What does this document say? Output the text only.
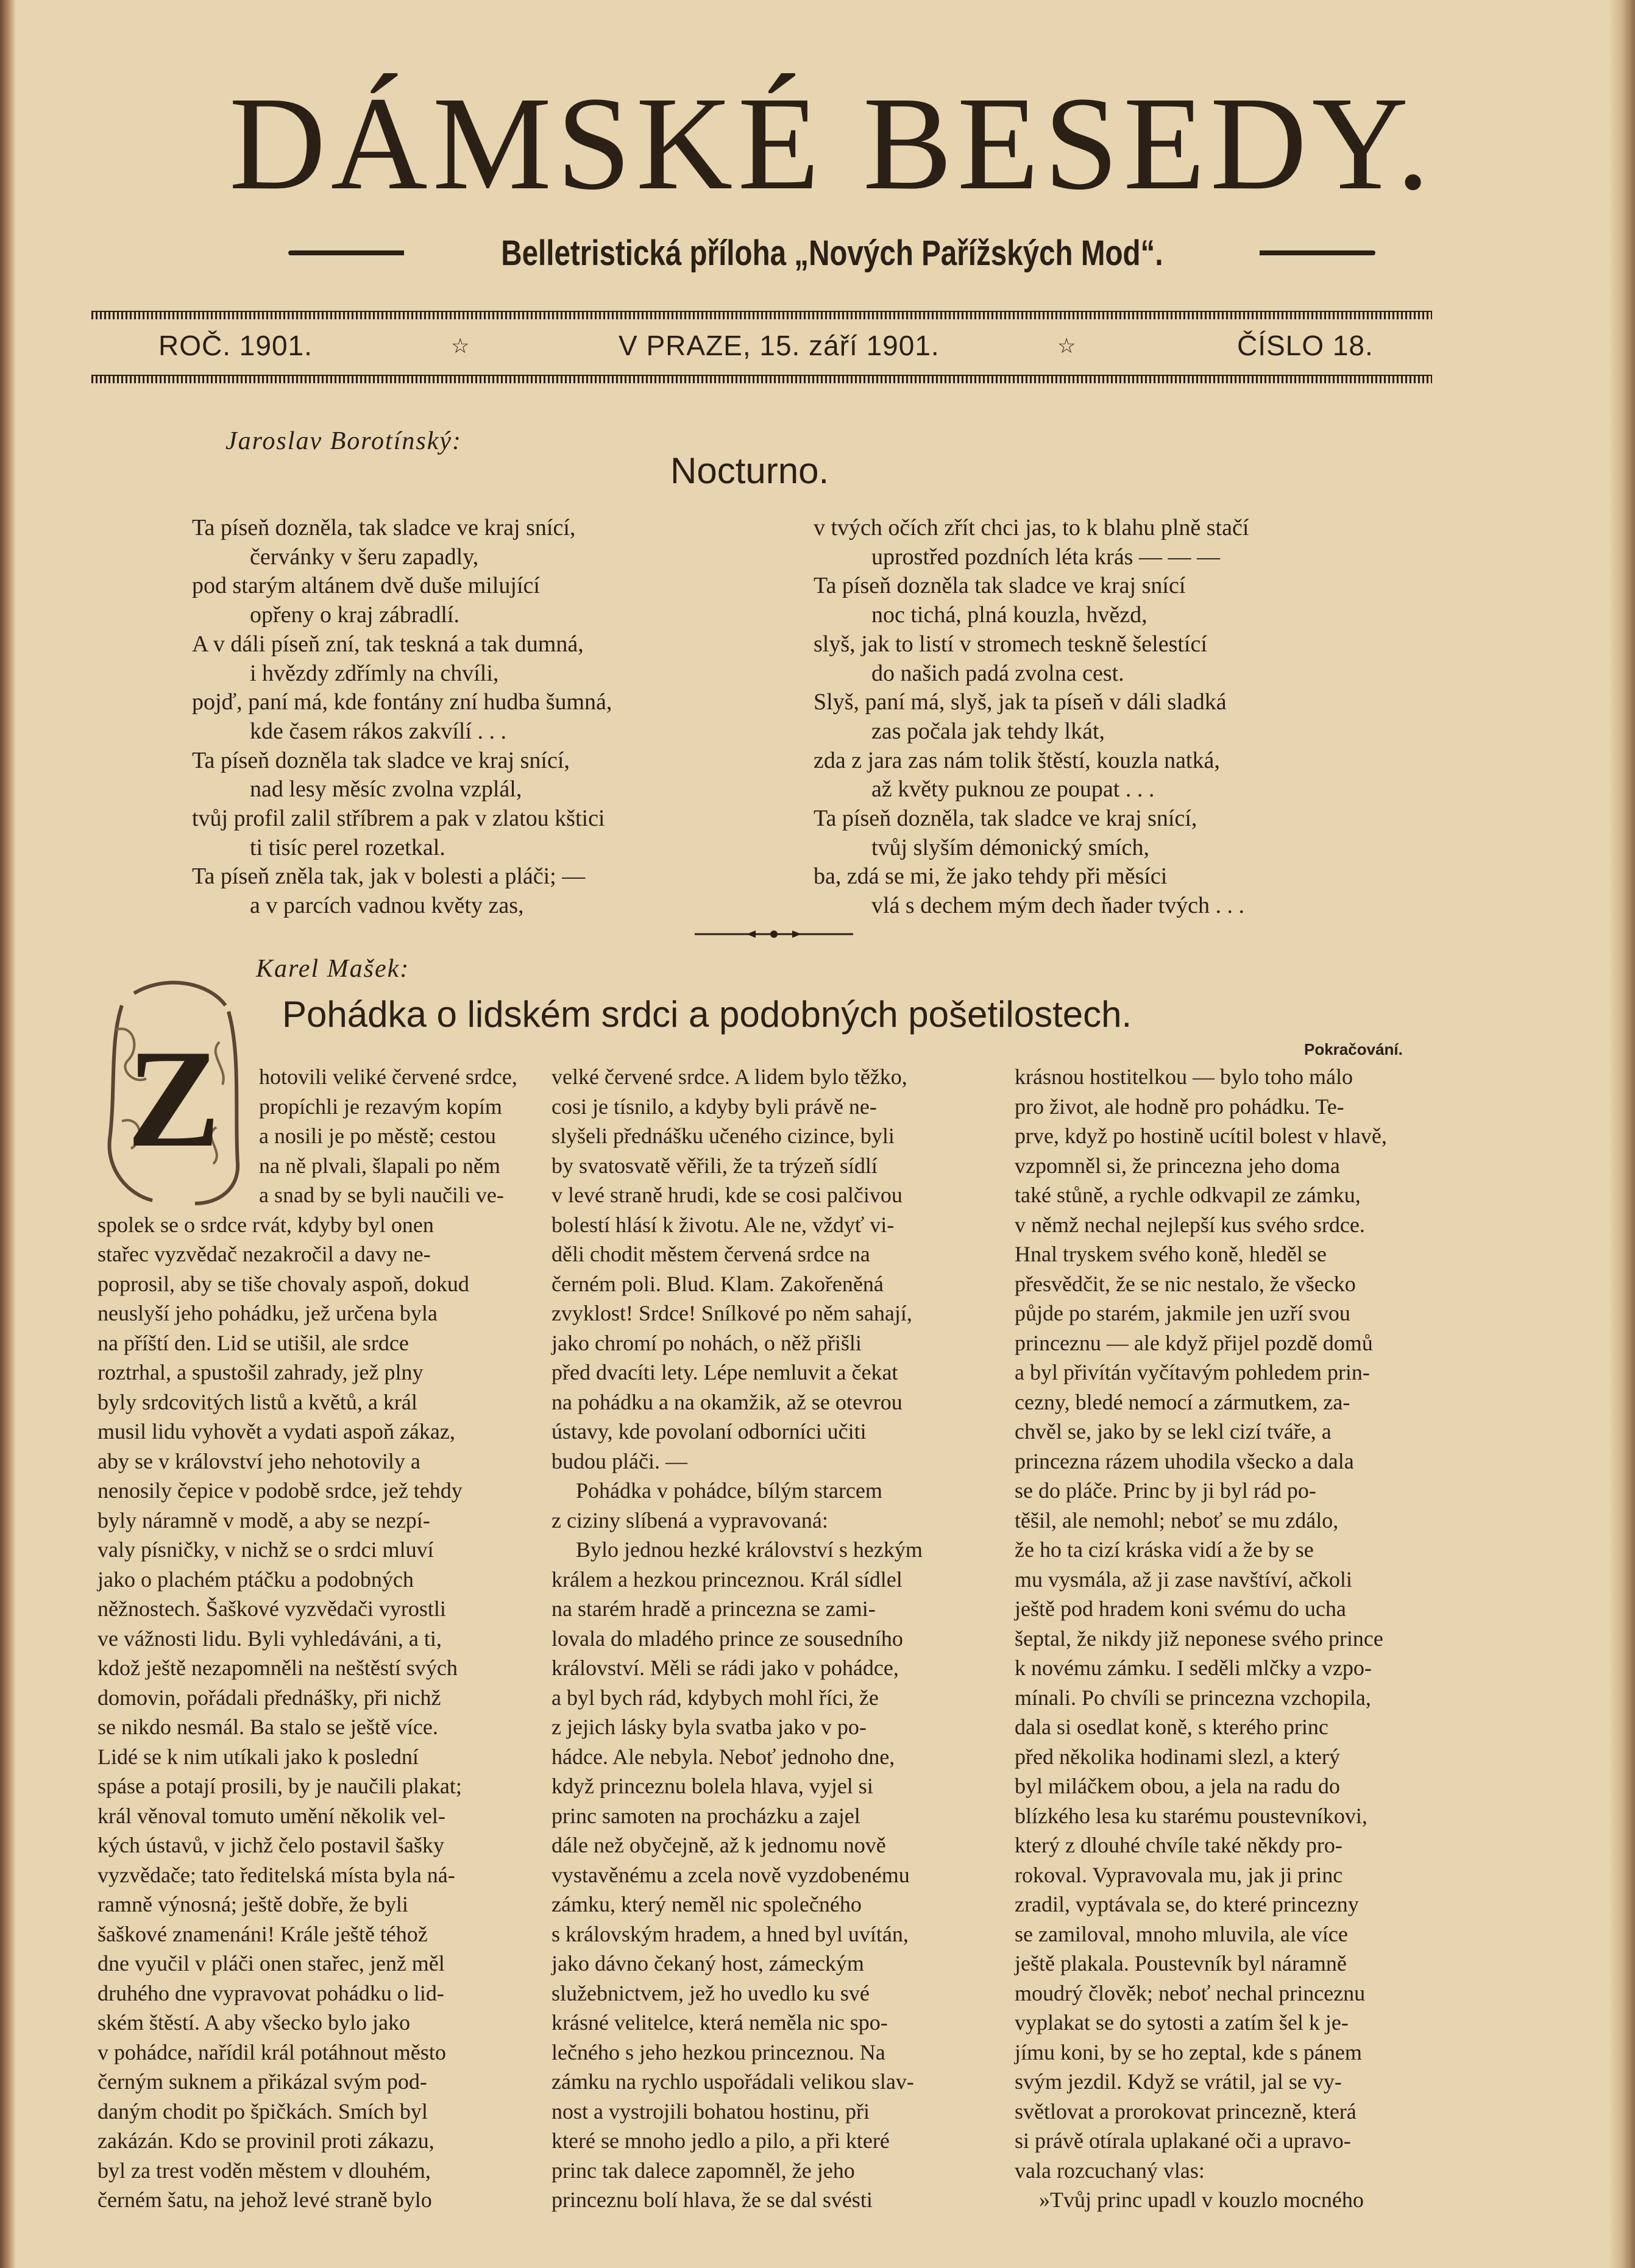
DÁMSKÉ BESEDY.
Belletristická příloha „Nových Pařížských Mod“.
ROČ. 1901.	☆	V PRAZE, 15. září 1901.	☆	ČÍSLO 18.
Jaroslav Borotínský:
Nocturno.
Ta píseň dozněla, tak sladce ve kraj snící,
červánky v šeru zapadly,
pod starým altánem dvě duše milující
opřeny o kraj zábradlí.
A v dáli píseň zní, tak teskná a tak dumná,
i hvězdy zdřímly na chvíli,
pojď, paní má, kde fontány zní hudba šumná,
kde časem rákos zakvílí . . .
Ta píseň dozněla tak sladce ve kraj snící,
nad lesy měsíc zvolna vzplál,
tvůj profil zalil stříbrem a pak v zlatou kštici
ti tisíc perel rozetkal.
Ta píseň zněla tak, jak v bolesti a pláči; —
a v parcích vadnou květy zas,
v tvých očích zřít chci jas, to k blahu plně stačí
uprostřed pozdních léta krás — — —
Ta píseň dozněla tak sladce ve kraj snící
noc tichá, plná kouzla, hvězd,
slyš, jak to listí v stromech teskně šelestící
do našich padá zvolna cest.
Slyš, paní má, slyš, jak ta píseň v dáli sladká
zas počala jak tehdy lkát,
zda z jara zas nám tolik štěstí, kouzla natká,
až květy puknou ze poupat . . .
Ta píseň dozněla, tak sladce ve kraj snící,
tvůj slyším démonický smích,
ba, zdá se mi, že jako tehdy při měsíci
vlá s dechem mým dech ňader tvých . . .
Z
Karel Mašek:
Pohádka o lidském srdci a podobných pošetilostech.
Pokračování.
hotovili veliké červené srdce,
propíchli je rezavým kopím
a nosili je po městě; cestou
na ně plvali, šlapali po něm
a snad by se byli naučili ve-
spolek se o srdce rvát, kdyby byl onen
stařec vyzvědač nezakročil a davy ne-
poprosil, aby se tiše chovaly aspoň, dokud
neuslyší jeho pohádku, jež určena byla
na příští den. Lid se utišil, ale srdce
roztrhal, a spustošil zahrady, jež plny
byly srdcovitých listů a květů, a král
musil lidu vyhovět a vydati aspoň zákaz,
aby se v království jeho nehotovily a
nenosily čepice v podobě srdce, jež tehdy
byly náramně v modě, a aby se nezpí-
valy písničky, v nichž se o srdci mluví
jako o plachém ptáčku a podobných
něžnostech. Šaškové vyzvědači vyrostli
ve vážnosti lidu. Byli vyhledáváni, a ti,
kdož ještě nezapomněli na neštěstí svých
domovin, pořádali přednášky, při nichž
se nikdo nesmál. Ba stalo se ještě více.
Lidé se k nim utíkali jako k poslední
spáse a potají prosili, by je naučili plakat;
král věnoval tomuto umění několik vel-
kých ústavů, v jichž čelo postavil šašky
vyzvědače; tato ředitelská místa byla ná-
ramně výnosná; ještě dobře, že byli
šaškové znamenáni! Krále ještě téhož
dne vyučil v pláči onen stařec, jenž měl
druhého dne vypravovat pohádku o lid-
ském štěstí. A aby všecko bylo jako
v pohádce, nařídil král potáhnout město
černým suknem a přikázal svým pod-
daným chodit po špičkách. Smích byl
zakázán. Kdo se provinil proti zákazu,
byl za trest voděn městem v dlouhém,
černém šatu, na jehož levé straně bylo
velké červené srdce. A lidem bylo těžko,
cosi je tísnilo, a kdyby byli právě ne-
slyšeli přednášku učeného cizince, byli
by svatosvatě věřili, že ta trýzeň sídlí
v levé straně hrudi, kde se cosi palčivou
bolestí hlásí k životu. Ale ne, vždyť vi-
děli chodit městem červená srdce na
černém poli. Blud. Klam. Zakořeněná
zvyklost! Srdce! Snílkové po něm sahají,
jako chromí po nohách, o něž přišli
před dvacíti lety. Lépe nemluvit a čekat
na pohádku a na okamžik, až se otevrou
ústavy, kde povolaní odborníci učiti
budou pláči. —
Pohádka v pohádce, bílým starcem
z ciziny slíbená a vypravovaná:
Bylo jednou hezké království s hezkým
králem a hezkou princeznou. Král sídlel
na starém hradě a princezna se zami-
lovala do mladého prince ze sousedního
království. Měli se rádi jako v pohádce,
a byl bych rád, kdybych mohl říci, že
z jejich lásky byla svatba jako v po-
hádce. Ale nebyla. Neboť jednoho dne,
když princeznu bolela hlava, vyjel si
princ samoten na procházku a zajel
dále než obyčejně, až k jednomu nově
vystavěnému a zcela nově vyzdobenému
zámku, který neměl nic společného
s královským hradem, a hned byl uvítán,
jako dávno čekaný host, zámeckým
služebnictvem, jež ho uvedlo ku své
krásné velitelce, která neměla nic spo-
lečného s jeho hezkou princeznou. Na
zámku na rychlo uspořádali velikou slav-
nost a vystrojili bohatou hostinu, při
které se mnoho jedlo a pilo, a při které
princ tak dalece zapomněl, že jeho
princeznu bolí hlava, že se dal svésti
krásnou hostitelkou — bylo toho málo
pro život, ale hodně pro pohádku. Te-
prve, když po hostině ucítil bolest v hlavě,
vzpomněl si, že princezna jeho doma
také stůně, a rychle odkvapil ze zámku,
v němž nechal nejlepší kus svého srdce.
Hnal tryskem svého koně, hleděl se
přesvědčit, že se nic nestalo, že všecko
půjde po starém, jakmile jen uzří svou
princeznu — ale když přijel pozdě domů
a byl přivítán vyčítavým pohledem prin-
cezny, bledé nemocí a zármutkem, za-
chvěl se, jako by se lekl cizí tváře, a
princezna rázem uhodila všecko a dala
se do pláče. Princ by ji byl rád po-
těšil, ale nemohl; neboť se mu zdálo,
že ho ta cizí kráska vidí a že by se
mu vysmála, až ji zase navštíví, ačkoli
ještě pod hradem koni svému do ucha
šeptal, že nikdy již neponese svého prince
k novému zámku. I seděli mlčky a vzpo-
mínali. Po chvíli se princezna vzchopila,
dala si osedlat koně, s kterého princ
před několika hodinami slezl, a který
byl miláčkem obou, a jela na radu do
blízkého lesa ku starému poustevníkovi,
který z dlouhé chvíle také někdy pro-
rokoval. Vypravovala mu, jak ji princ
zradil, vyptávala se, do které princezny
se zamiloval, mnoho mluvila, ale více
ještě plakala. Poustevník byl náramně
moudrý člověk; neboť nechal princeznu
vyplakat se do sytosti a zatím šel k je-
jímu koni, by se ho zeptal, kde s pánem
svým jezdil. Když se vrátil, jal se vy-
světlovat a prorokovat princezně, která
si právě otírala uplakané oči a upravo-
vala rozcuchaný vlas:
»Tvůj princ upadl v kouzlo mocného
